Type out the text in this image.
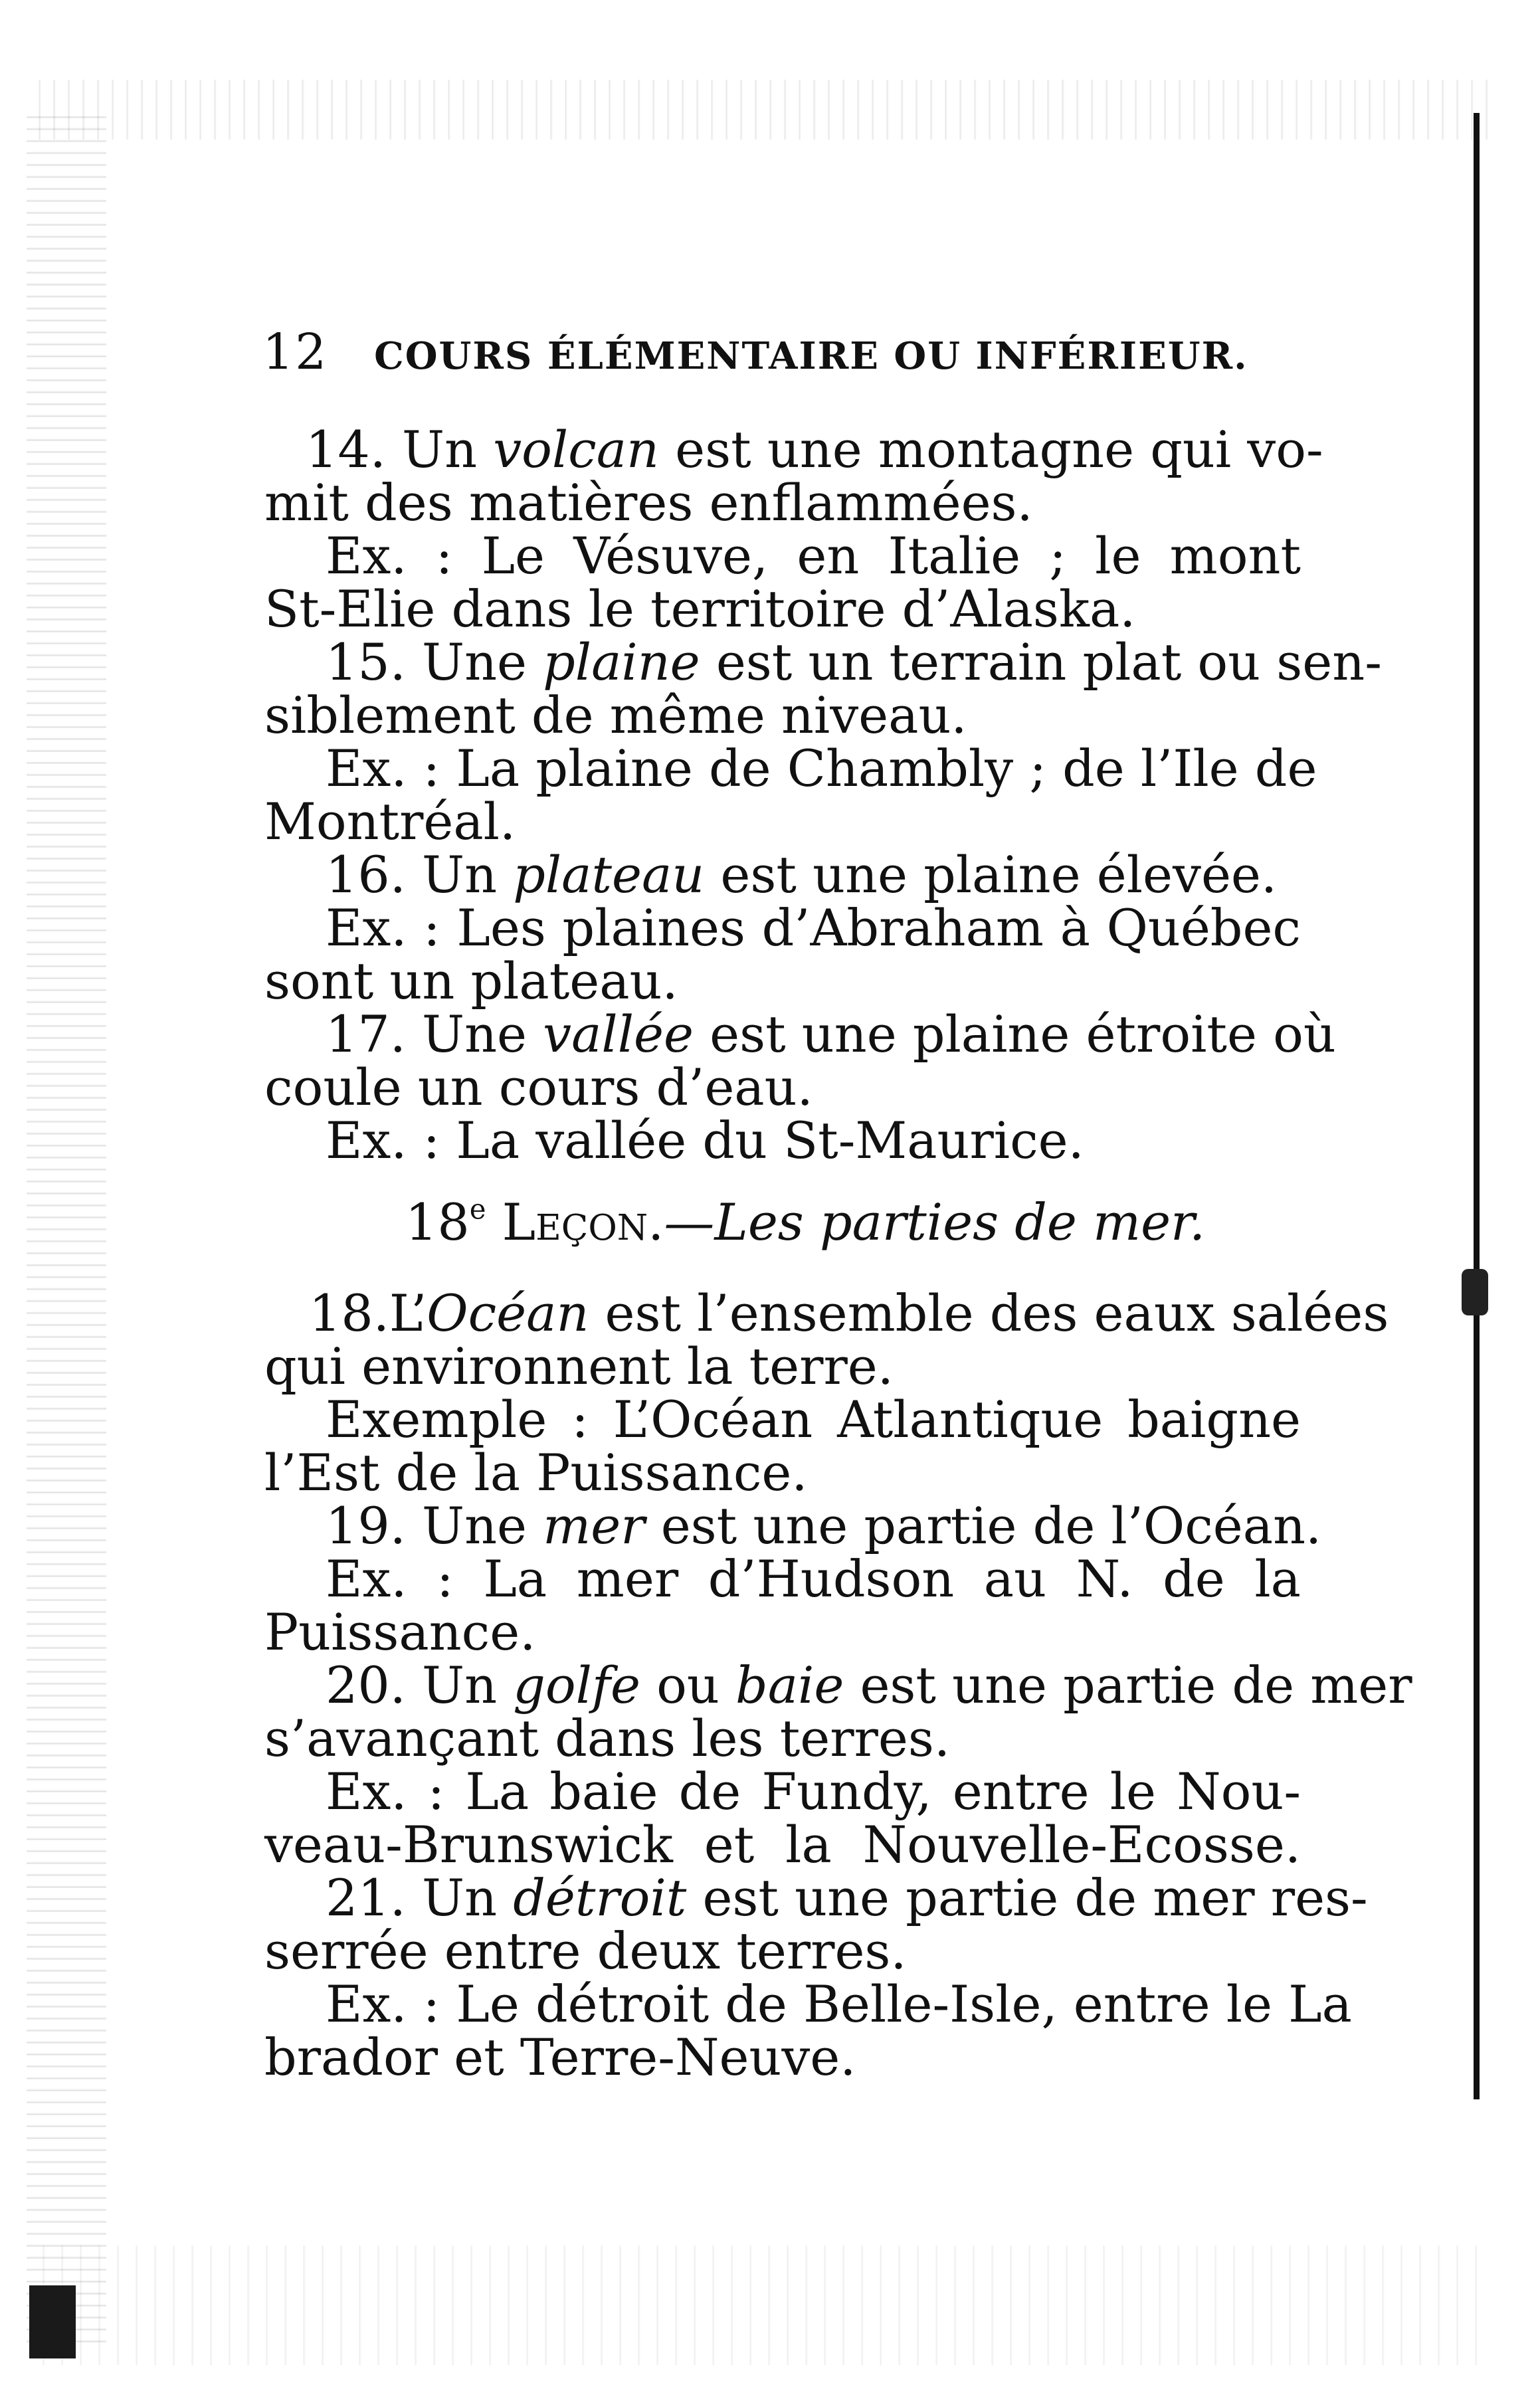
12 COURS ÉLÉMENTAIRE OU INFÉRIEUR.
14. Un volcan est une montagne qui vo-
mit des matières enflammées.
Ex. : Le Vésuve, en Italie ; le mont
St-Elie dans le territoire d’Alaska.
15. Une plaine est un terrain plat ou sen-
siblement de même niveau.
Ex. : La plaine de Chambly ; de l’Ile de
Montréal.
16. Un plateau est une plaine élevée.
Ex. : Les plaines d’Abraham à Québec
sont un plateau.
17. Une vallée est une plaine étroite où
coule un cours d’eau.
Ex. : La vallée du St-Maurice.
18e Leçon.—Les parties de mer.
18.L’Océan est l’ensemble des eaux salées
qui environnent la terre.
Exemple : L’Océan Atlantique baigne
l’Est de la Puissance.
19. Une mer est une partie de l’Océan.
Ex. : La mer d’Hudson au N. de la
Puissance.
20. Un golfe ou baie est une partie de mer
s’avançant dans les terres.
Ex. : La baie de Fundy, entre le Nou-
veau-Brunswick et la Nouvelle-Ecosse.
21. Un détroit est une partie de mer res-
serrée entre deux terres.
Ex. : Le détroit de Belle-Isle, entre le La
brador et Terre-Neuve.
